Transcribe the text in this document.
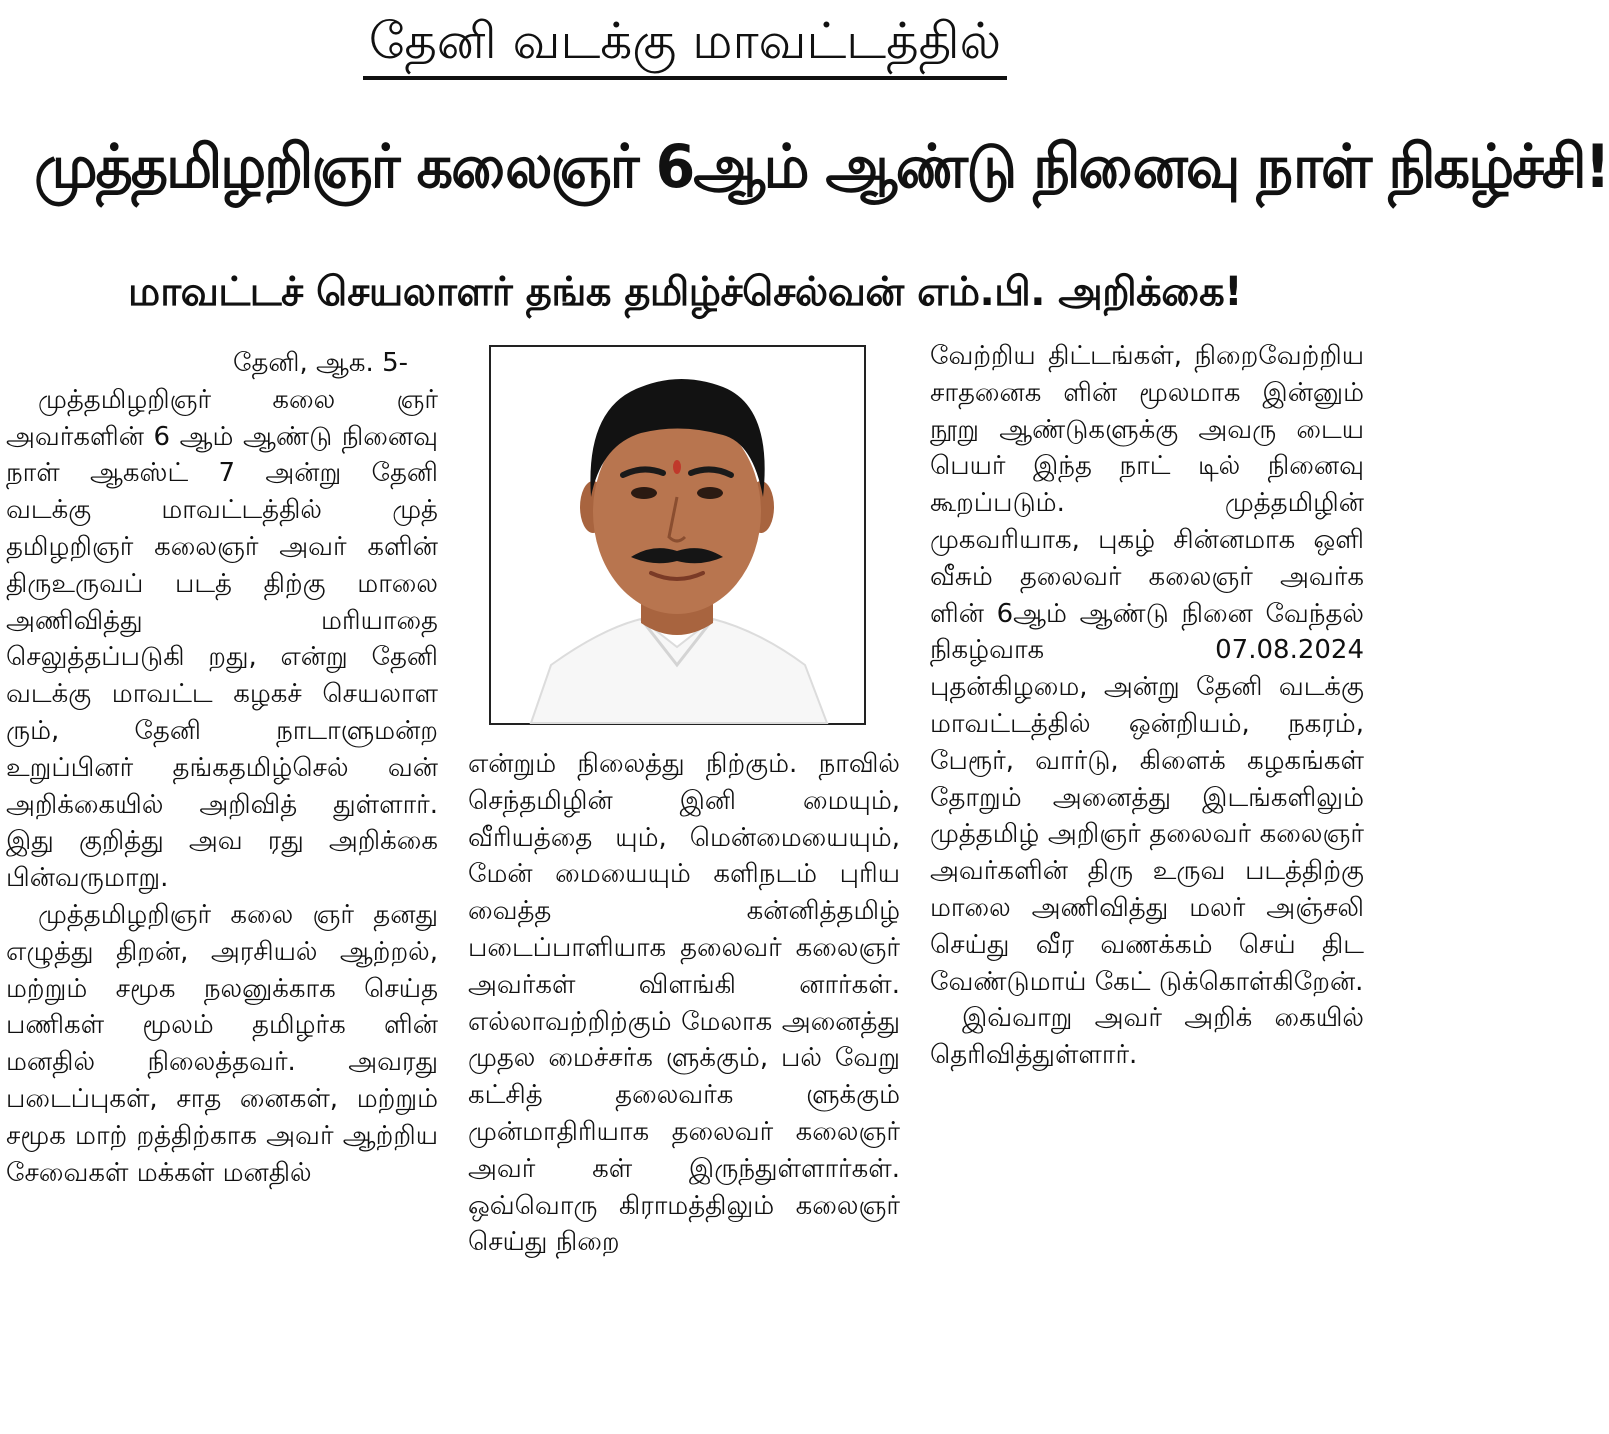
தேனி வடக்கு மாவட்டத்தில்
முத்தமிழறிஞர் கலைஞர் 6ஆம் ஆண்டு நினைவு நாள் நிகழ்ச்சி!
மாவட்டச் செயலாளர் தங்க தமிழ்ச்செல்வன் எம்.பி. அறிக்கை!

தேனி, ஆக. 5-

முத்தமிழறிஞர் கலை ஞர் அவர்களின் 6 ஆம் ஆண்டு நினைவு நாள் ஆகஸ்ட் 7 அன்று தேனி வடக்கு மாவட்டத்தில் முத் தமிழறிஞர் கலைஞர் அவர் களின் திருஉருவப் படத் திற்கு மாலை அணிவித்து மரியாதை செலுத்தப்படுகி றது, என்று தேனி வடக்கு மாவட்ட கழகச் செயலாள ரும், தேனி நாடாளுமன்ற உறுப்பினர் தங்கதமிழ்செல் வன் அறிக்கையில் அறிவித் துள்ளார். இது குறித்து அவ ரது அறிக்கை பின்வருமாறு.

முத்தமிழறிஞர் கலை ஞர் தனது எழுத்து திறன், அரசியல் ஆற்றல், மற்றும் சமூக நலனுக்காக செய்த பணிகள் மூலம் தமிழர்க ளின் மனதில் நிலைத்தவர். அவரது படைப்புகள், சாத னைகள், மற்றும் சமூக மாற் றத்திற்காக அவர் ஆற்றிய சேவைகள் மக்கள் மனதில்

என்றும் நிலைத்து நிற்கும். நாவில் செந்தமிழின் இனி மையும், வீரியத்தை யும், மென்மையையும், மேன் மையையும் களிநடம் புரிய வைத்த கன்னித்தமிழ் படைப்பாளியாக தலைவர் கலைஞர் அவர்கள் விளங்கி னார்கள். எல்லாவற்றிற்கும் மேலாக அனைத்து முதல மைச்சர்க ளுக்கும், பல் வேறு கட்சித் தலைவர்க ளுக்கும் முன்மாதிரியாக தலைவர் கலைஞர் அவர் கள் இருந்துள்ளார்கள். ஒவ்வொரு கிராமத்திலும் கலைஞர் செய்து நிறை

வேற்றிய திட்டங்கள், நிறைவேற்றிய சாதனைக ளின் மூலமாக இன்னும் நூறு ஆண்டுகளுக்கு அவரு டைய பெயர் இந்த நாட் டில் நினைவு கூறப்படும். முத்தமிழின் முகவரியாக, புகழ் சின்னமாக ஒளி வீசும் தலைவர் கலைஞர் அவர்க ளின் 6ஆம் ஆண்டு நினை வேந்தல் நிகழ்வாக 07.08.2024 புதன்கிழமை, அன்று தேனி வடக்கு மாவட்டத்தில் ஒன்றியம், நகரம், பேரூர், வார்டு, கிளைக் கழகங்கள் தோறும் அனைத்து இடங்களிலும் முத்தமிழ் அறிஞர் தலைவர் கலைஞர் அவர்களின் திரு உருவ படத்திற்கு மாலை அணிவித்து மலர் அஞ்சலி செய்து வீர வணக்கம் செய் திட வேண்டுமாய் கேட் டுக்கொள்கிறேன்.

இவ்வாறு அவர் அறிக் கையில் தெரிவித்துள்ளார்.
